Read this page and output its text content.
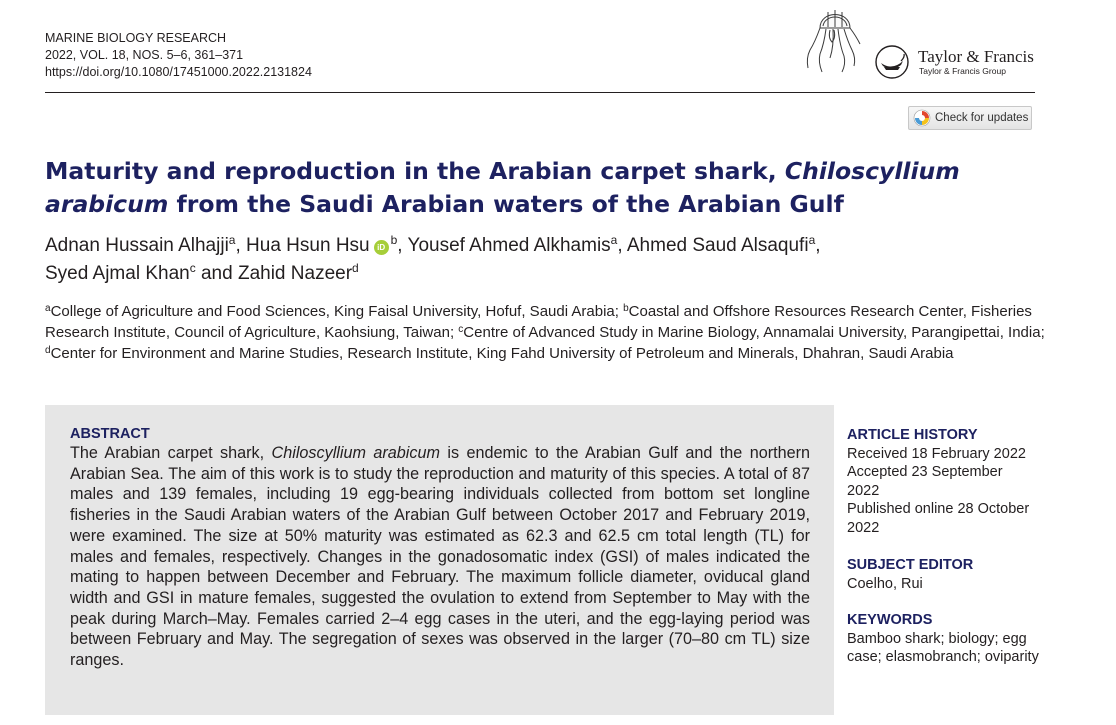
MARINE BIOLOGY RESEARCH
2022, VOL. 18, NOS. 5–6, 361–371
https://doi.org/10.1080/17451000.2022.2131824
Taylor & Francis
Taylor & Francis Group
Check for updates
Maturity and reproduction in the Arabian carpet shark, Chiloscyllium arabicum from the Saudi Arabian waters of the Arabian Gulf
Adnan Hussain Alhajji$^a$, Hua Hsun Hsu $iD^b$, Yousef Ahmed Alkhamis$^a$, Ahmed Saud Alsaqufi$^a$,
Syed Ajmal Khan$^c$ and Zahid Nazeer$^d$
$^a$College of Agriculture and Food Sciences, King Faisal University, Hofuf, Saudi Arabia; $^b$Coastal and Offshore Resources Research Center, Fisheries Research Institute, Council of Agriculture, Kaohsiung, Taiwan; $^c$Centre of Advanced Study in Marine Biology, Annamalai University, Parangipettai, India; $^d$Center for Environment and Marine Studies, Research Institute, King Fahd University of Petroleum and Minerals, Dhahran, Saudi Arabia
ABSTRACT
The Arabian carpet shark, Chiloscyllium arabicum is endemic to the Arabian Gulf and the northern Arabian Sea. The aim of this work is to study the reproduction and maturity of this species. A total of 87 males and 139 females, including 19 egg-bearing individuals collected from bottom set longline fisheries in the Saudi Arabian waters of the Arabian Gulf between October 2017 and February 2019, were examined. The size at 50% maturity was estimated as 62.3 and 62.5 cm total length (TL) for males and females, respectively. Changes in the gonadosomatic index (GSI) of males indicated the mating to happen between December and February. The maximum follicle diameter, oviducal gland width and GSI in mature females, suggested the ovulation to extend from September to May with the peak during March–May. Females carried 2–4 egg cases in the uteri, and the egg-laying period was between February and May. The segregation of sexes was observed in the larger (70–80 cm TL) size ranges.
ARTICLE HISTORY
Received 18 February 2022
Accepted 23 September 2022
Published online 28 October 2022
SUBJECT EDITOR
Coelho, Rui
KEYWORDS
Bamboo shark; biology; egg case; elasmobranch; oviparity
